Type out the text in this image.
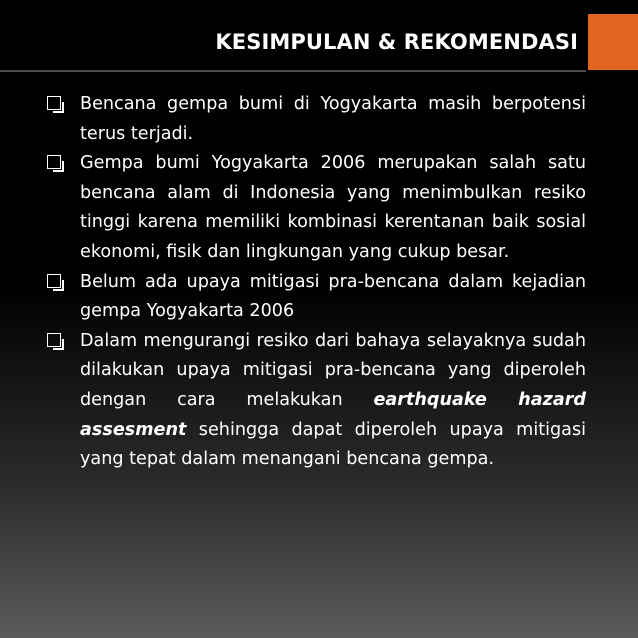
KESIMPULAN & REKOMENDASI

Bencana gempa bumi di Yogyakarta masih berpotensi terus terjadi.

Gempa bumi Yogyakarta 2006 merupakan salah satu bencana alam di Indonesia yang menimbulkan resiko tinggi karena memiliki kombinasi kerentanan baik sosial ekonomi, fisik dan lingkungan yang cukup besar.

Belum ada upaya mitigasi pra-bencana dalam kejadian gempa Yogyakarta 2006

Dalam mengurangi resiko dari bahaya selayaknya sudah dilakukan upaya mitigasi pra-bencana yang diperoleh dengan cara melakukan earthquake hazard assesment sehingga dapat diperoleh upaya mitigasi yang tepat dalam menangani bencana gempa.
